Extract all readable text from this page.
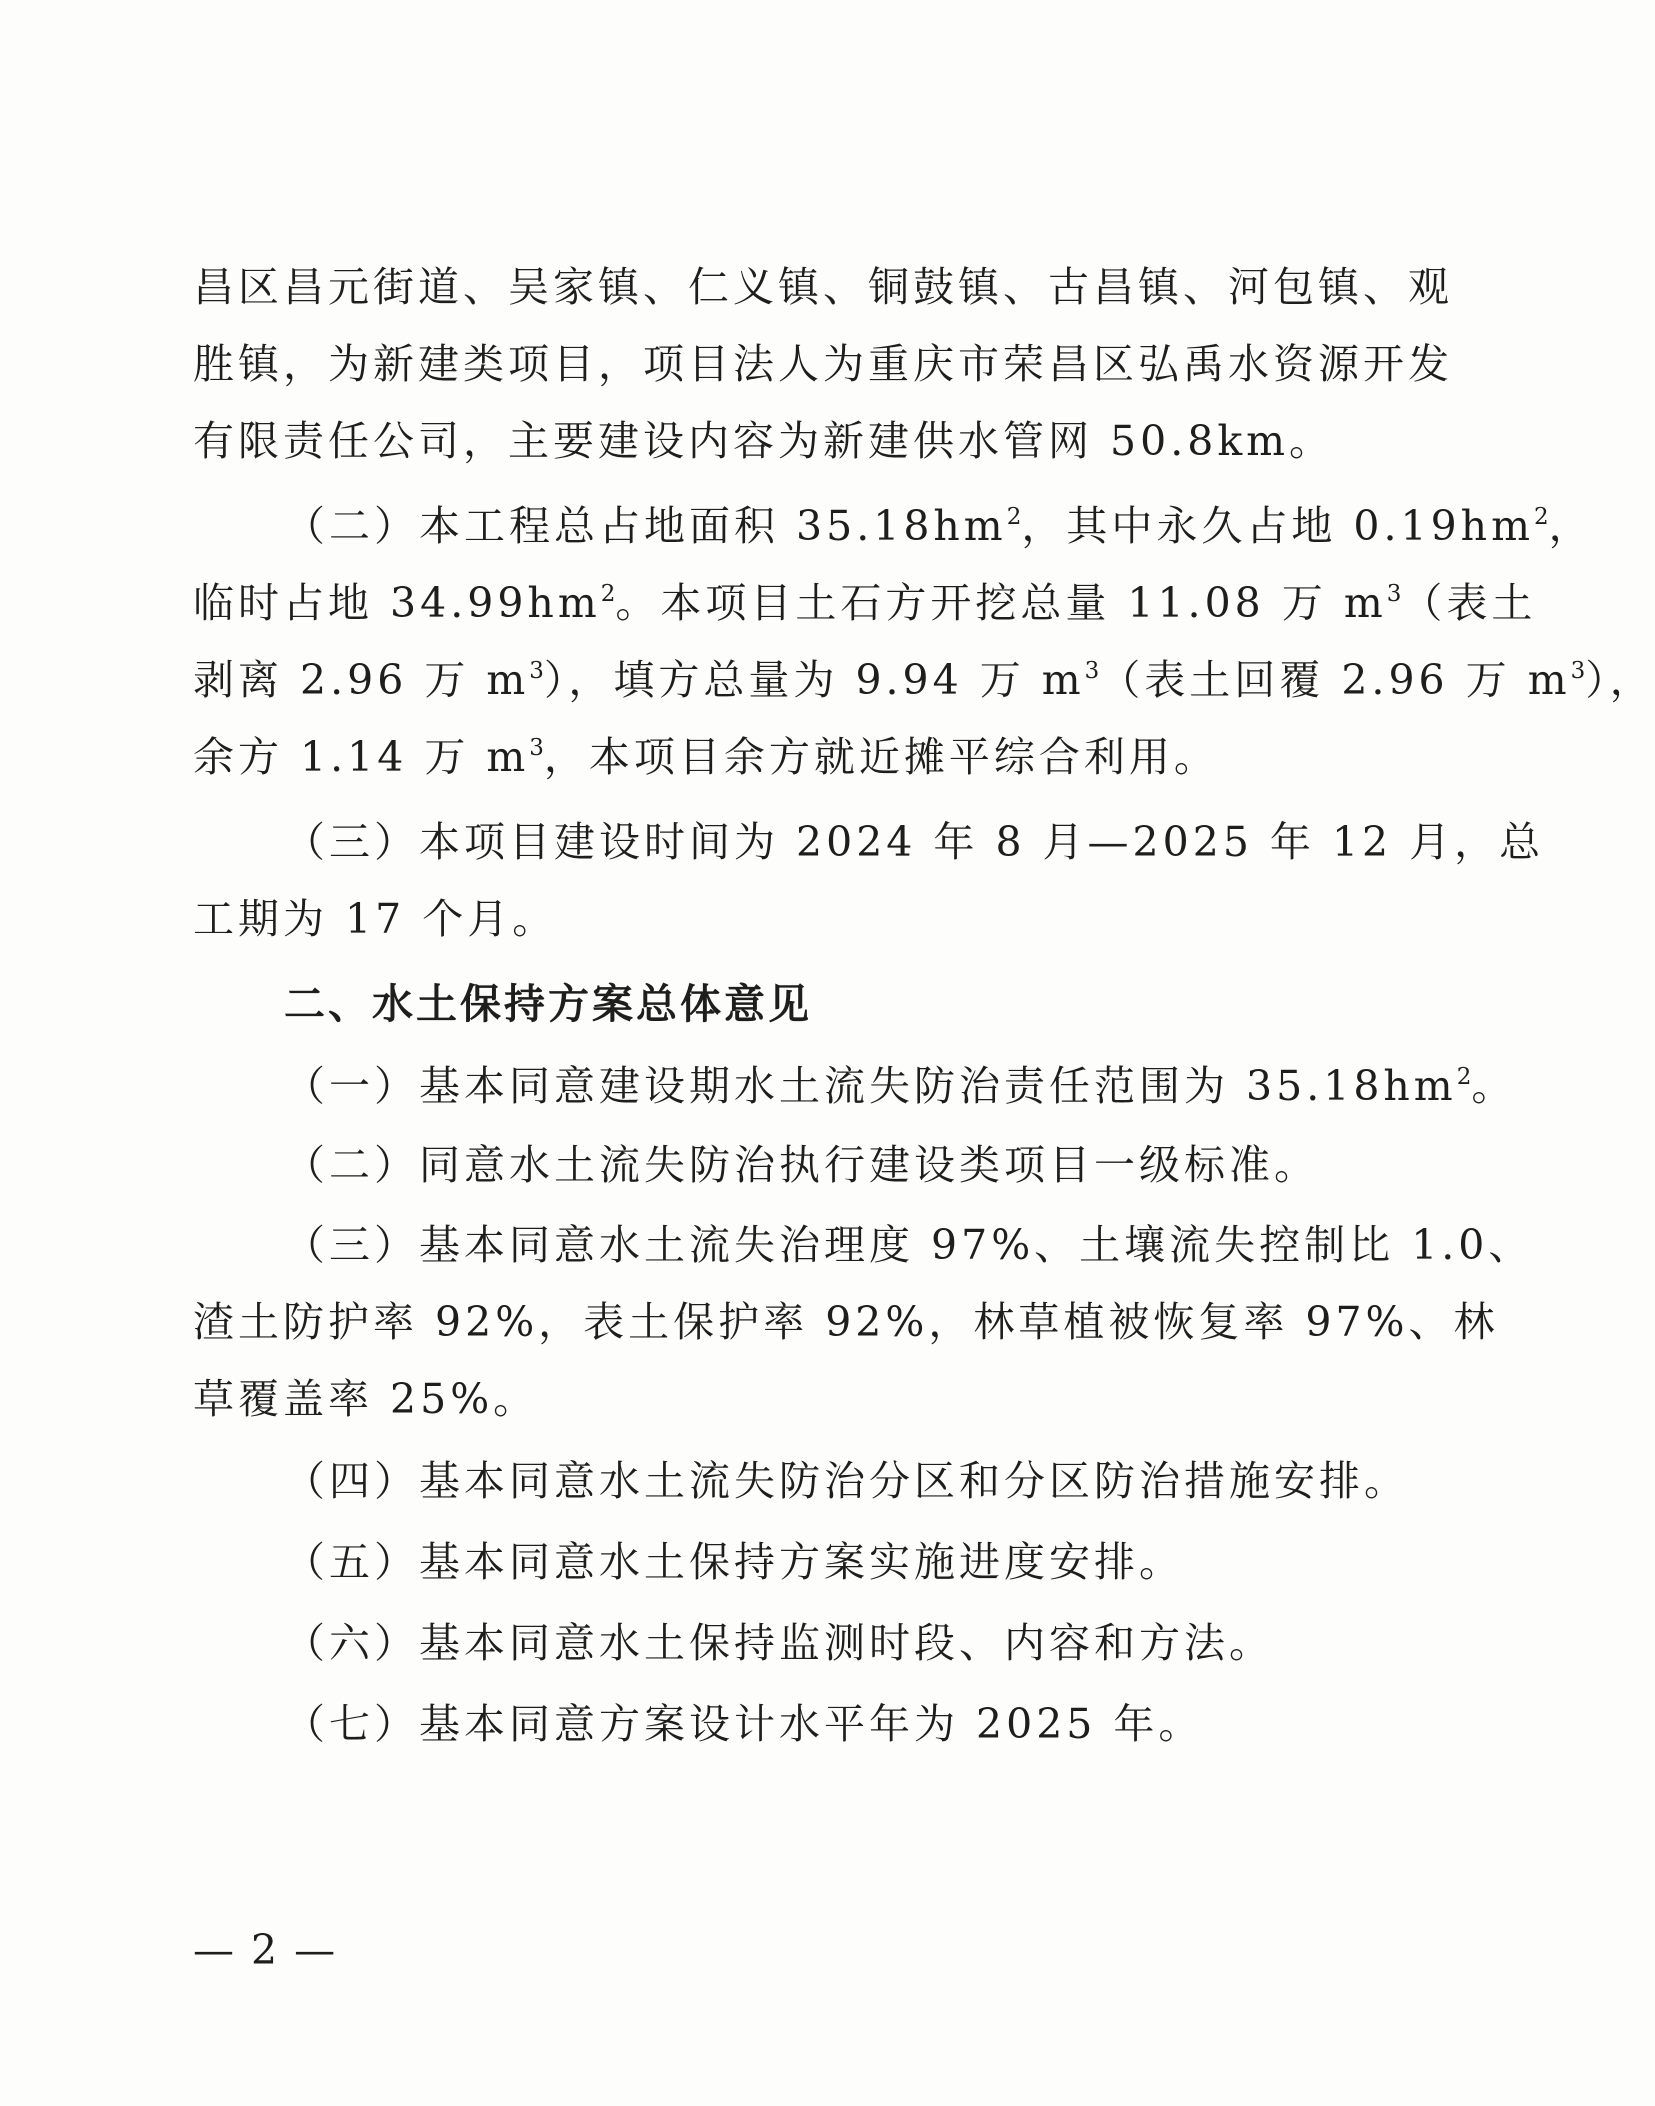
昌区昌元街道、吴家镇、仁义镇、铜鼓镇、古昌镇、河包镇、观
胜镇，为新建类项目，项目法人为重庆市荣昌区弘禹水资源开发
有限责任公司，主要建设内容为新建供水管网 50.8km。
（二）本工程总占地面积 $35.18hm^2$，其中永久占地 $0.19hm^2$，
临时占地 $34.99hm^2$。本项目土石方开挖总量 11.08 万 $m^3$（表土
剥离 2.96 万 $m^3$），填方总量为 9.94 万 $m^3$（表土回覆 2.96 万 $m^3$），
余方 1.14 万 $m^3$，本项目余方就近摊平综合利用。
（三）本项目建设时间为 2024 年 8 月—2025 年 12 月，总
工期为 17 个月。
二、水土保持方案总体意见
（一）基本同意建设期水土流失防治责任范围为 $35.18hm^2$。
（二）同意水土流失防治执行建设类项目一级标准。
（三）基本同意水土流失治理度 97%、土壤流失控制比 1.0、
渣土防护率 92%，表土保护率 92%，林草植被恢复率 97%、林
草覆盖率 25%。
（四）基本同意水土流失防治分区和分区防治措施安排。
（五）基本同意水土保持方案实施进度安排。
（六）基本同意水土保持监测时段、内容和方法。
（七）基本同意方案设计水平年为 2025 年。
— 2 —
